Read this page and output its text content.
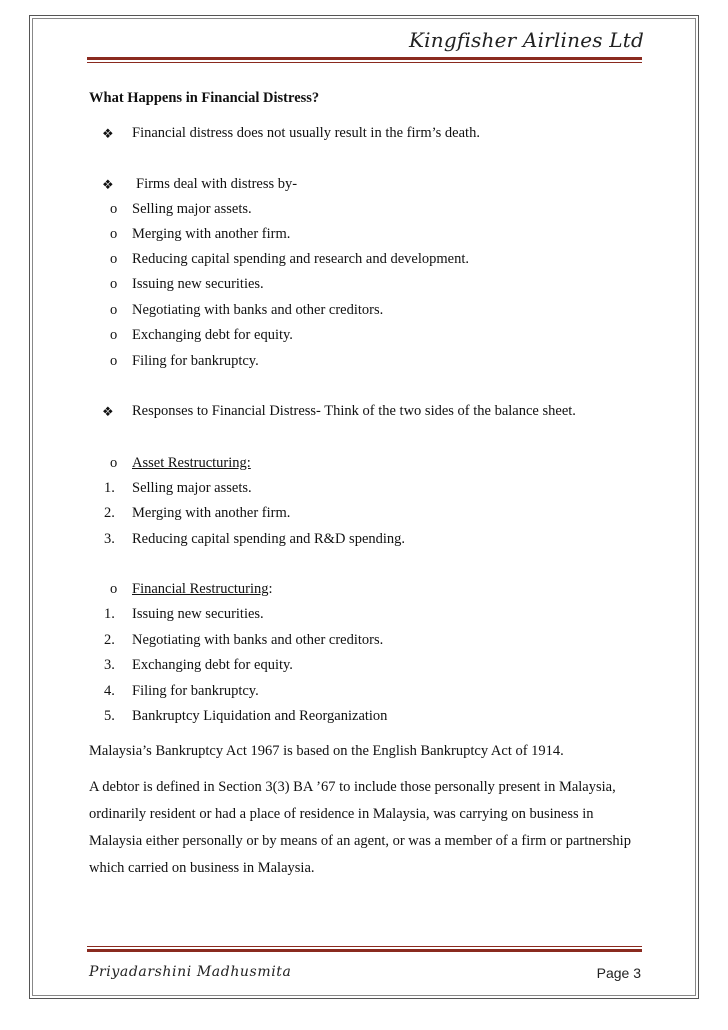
Kingfisher Airlines Ltd
What Happens in Financial Distress?
❖ Financial distress does not usually result in the firm’s death.
❖ Firms deal with distress by-
o Selling major assets.
o Merging with another firm.
o Reducing capital spending and research and development.
o Issuing new securities.
o Negotiating with banks and other creditors.
o Exchanging debt for equity.
o Filing for bankruptcy.
❖ Responses to Financial Distress- Think of the two sides of the balance sheet.
o Asset Restructuring:
1. Selling major assets.
2. Merging with another firm.
3. Reducing capital spending and R&D spending.
o Financial Restructuring:
1. Issuing new securities.
2. Negotiating with banks and other creditors.
3. Exchanging debt for equity.
4. Filing for bankruptcy.
5. Bankruptcy Liquidation and Reorganization
Malaysia’s Bankruptcy Act 1967 is based on the English Bankruptcy Act of 1914.
A debtor is defined in Section 3(3) BA ’67 to include those personally present in Malaysia,
ordinarily resident or had a place of residence in Malaysia, was carrying on business in
Malaysia either personally or by means of an agent, or was a member of a firm or partnership
which carried on business in Malaysia.
Priyadarshini Madhusmita	Page 3
